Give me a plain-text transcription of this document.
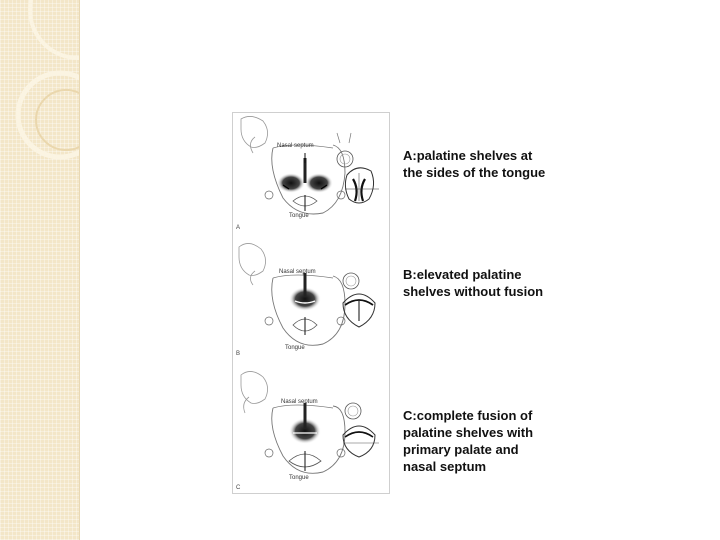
Nasal septum
Tongue
A
Nasal septum
Tongue
B
Nasal septum
Tongue
C
A:palatine shelves at
the sides of the tongue
B:elevated palatine
shelves without fusion
C:complete fusion of
palatine shelves with
primary palate and
nasal septum
